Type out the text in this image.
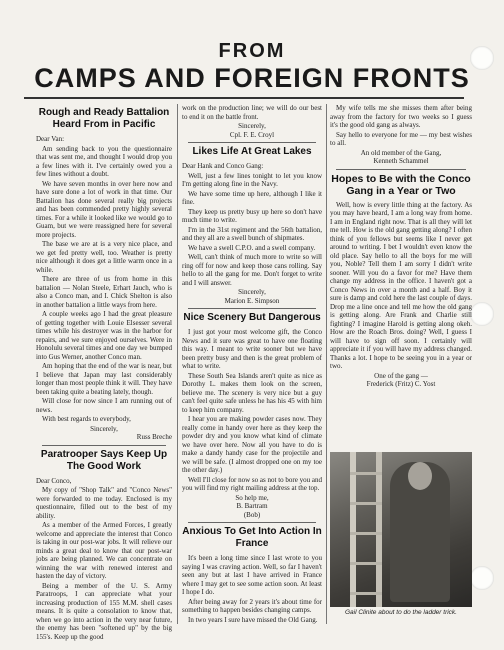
FROM
CAMPS AND FOREIGN FRONTS
Rough and Ready Battalion Heard From in Pacific

Dear Van:

Am sending back to you the questionnaire that was sent me, and thought I would drop you a few lines with it. I've certainly owed you a few lines without a doubt.

We have seven months in over here now and have sure done a lot of work in that time. Our Battalion has done several really big projects and has been commended pretty highly several times. For a while it looked like we would go to Guam, but we were reassigned here for several more projects.

The base we are at is a very nice place, and we get fed pretty well, too. Weather is pretty nice although it does get a little warm once in a while.

There are three of us from home in this battalion — Nolan Steele, Erhart Jauch, who is also a Conco man, and I. Chick Shelton is also in another battalion a little ways from here.

A couple weeks ago I had the great pleasure of getting together with Louie Elsesser several times while his destroyer was in the harbor for repairs, and we sure enjoyed ourselves. Were in Honolulu several times and one day we bumped into Gus Werner, another Conco man.

Am hoping that the end of the war is near, but I believe that Japan may last considerably longer than most people think it will. They have been taking quite a beating lately, though.

Will close for now since I am running out of news.

With best regards to everybody,

Sincerely,
Russ Breche
Paratrooper Says Keep Up The Good Work

Dear Conco,

My copy of "Shop Talk" and "Conco News" were forwarded to me today. Enclosed is my questionnaire, filled out to the best of my ability.

As a member of the Armed Forces, I greatly welcome and appreciate the interest that Conco is taking in our post-war jobs. It will relieve our minds a great deal to know that our post-war jobs are being planned. We can concentrate on winning the war with renewed interest and hasten the day of victory.

Being a member of the U. S. Army Paratroops, I can appreciate what your increasing production of 155 M.M. shell cases means. It is quite a consolation to know that, when we go into action in the very near future, the enemy has been "softened up" by the big 155's. Keep up the good

work on the production line; we will do our best to end it on the battle front.

Sincerely,
Cpl. F. E. Croyl
Likes Life At Great Lakes

Dear Hank and Conco Gang:

Well, just a few lines tonight to let you know I'm getting along fine in the Navy.

We have some time up here, although I like it fine.

They keep us pretty busy up here so don't have much time to write.

I'm in the 31st regiment and the 56th battalion, and they all are a swell bunch of shipmates.

We have a swell C.P.O. and a swell company.

Well, can't think of much more to write so will ring off for now and keep those cans rolling. Say hello to all the gang for me. Don't forget to write and I will answer.

Sincerely,
Marion E. Simpson
Nice Scenery But Dangerous

I just got your most welcome gift, the Conco News and it sure was great to have one floating this way. I meant to write sooner but we have been pretty busy and then is the great problem of what to write.

These South Sea Islands aren't quite as nice as Dorothy L. makes them look on the screen, believe me. The scenery is very nice but a guy can't feel quite safe unless he has his 45 with him to keep him company.

I hear you are making powder cases now. They really come in handy over here as they keep the powder dry and you know what kind of climate we have over here. Now all you have to do is make a dandy handy case for the projectile and we will be safe. (I almost dropped one on my toe the other day.)

Well I'll close for now so as not to bore you and you will find my right mailing address at the top.

So help me,
B. Bartram
(Bob)
Anxious To Get Into Action In France

It's been a long time since I last wrote to you saying I was craving action. Well, so far I haven't seen any but at last I have arrived in France where I may get to see some action soon. At least I hope I do.

After being away for 2 years it's about time for something to happen besides changing camps.

In two years I sure have missed the Old Gang.

My wife tells me she misses them after being away from the factory for two weeks so I guess it's the good old gang as always.

Say hello to everyone for me — my best wishes to all.

An old member of the Gang,
Kenneth Schammel
Hopes to Be with the Conco Gang in a Year or Two

Well, how is every little thing at the factory. As you may have heard, I am a long way from home. I am in England right now. That is all they will let me tell. How is the old gang getting along? I often think of you fellows but seems like I never get around to writing. I bet I wouldn't even know the old place. Say hello to all the boys for me will you, Noble? Tell them I am sorry I didn't write sooner. Will you do a favor for me? Have them change my address in the office. I haven't got a Conco News in over a month and a half. Boy it sure is damp and cold here the last couple of days. Drop me a line once and tell me how the old gang is getting along. Are Frank and Charlie still fighting? I imagine Harold is getting along okeh. How are the Roach Bros. doing? Well, I guess I will have to sign off soon. I certainly will appreciate it if you will have my address changed. Thanks a lot. I hope to be seeing you in a year or two.

One of the gang —
Frederick (Fritz) C. Yost
Gail Clinite about to do the ladder trick.
